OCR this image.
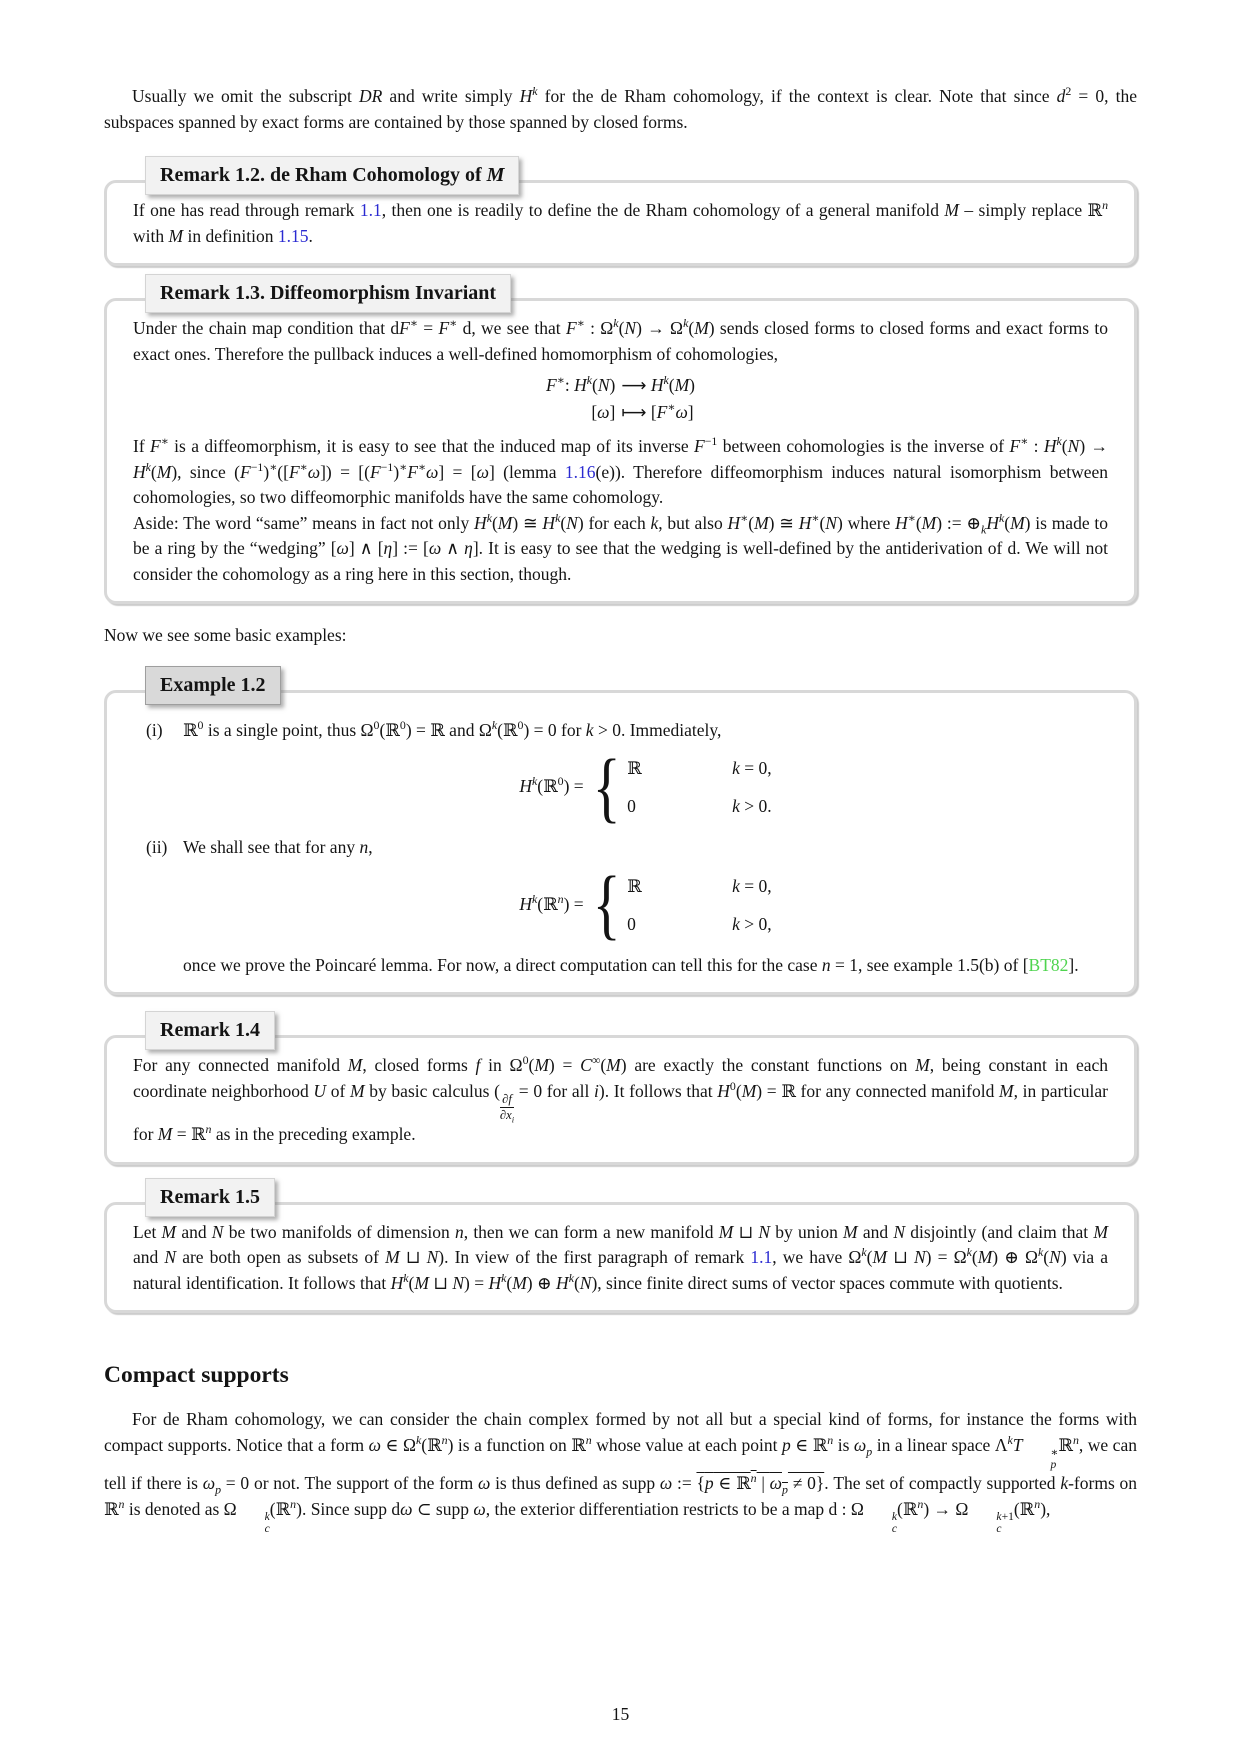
Usually we omit the subscript DR and write simply $H^k$ for the de Rham cohomology, if the context is clear. Note that since $d^2 = 0$, the subspaces spanned by exact forms are contained by those spanned by closed forms.

Remark 1.2. de Rham Cohomology of M

If one has read through remark 1.1, then one is readily to define the de Rham cohomology of a general manifold M – simply replace ℝ$^n$ with M in definition 1.15.

Remark 1.3. Diffeomorphism Invariant

Under the chain map condition that dF∗ = F∗ d, we see that F∗ : $\Omega^k(N) \to \Omega^k(M)$ sends closed forms to closed forms and exact forms to exact ones. Therefore the pullback induces a well-defined homomorphism of cohomologies,

F∗: $H^k(N)$ ⟶ $H^k(M)$
[ω] ⟼ [F∗ω]

If F∗ is a diffeomorphism, it is easy to see that the induced map of its inverse $F^{-1}$ between cohomologies is the inverse of F∗ : $H^k(N) \to H^k(M)$, since $(F^{-1})^∗([F^∗\omega]) = [(F^{-1})^∗F^∗\omega] = [\omega]$ (lemma 1.16(e)). Therefore diffeomorphism induces natural isomorphism between cohomologies, so two diffeomorphic manifolds have the same cohomology.

Aside: The word “same” means in fact not only $H^k(M)$ ≅ $H^k(N)$ for each k, but also H∗(M) ≅ H∗(N) where H∗(M) := $\oplus_kH^k(M)$ is made to be a ring by the “wedging” [ω] ∧ [η] := [ω ∧ η]. It is easy to see that the wedging is well-defined by the antiderivation of d. We will not consider the cohomology as a ring here in this section, though.

Now we see some basic examples:

Example 1.2
(i) ℝ$^0$ is a single point, thus $\Omega^0(ℝ^0)$ = ℝ and $\Omega^k(ℝ^0) = 0$ for k > 0. Immediately,

$H^k(ℝ^0)$ = { ℝ	k = 0,
0	k > 0.
(ii) We shall see that for any n,

$H^k(ℝ^n)$ = { ℝ	k = 0,
0	k > 0,

once we prove the Poincaré lemma. For now, a direct computation can tell this for the case n = 1, see example 1.5(b) of [BT82].

Remark 1.4

For any connected manifold M, closed forms f in $\Omega^0(M) = C^\infty(M)$ are exactly the constant functions on M, being constant in each coordinate neighborhood U of M by basic calculus (
$\frac{\partial f}{\partial x_i}$
= 0 for all i). It follows that $H^0(M)$ = ℝ for any connected manifold M, in particular for M = ℝ$^n$ as in the preceding example.

Remark 1.5

Let M and N be two manifolds of dimension n, then we can form a new manifold M ⊔ N by union M and N disjointly (and claim that M and N are both open as subsets of M ⊔ N). In view of the first paragraph of remark 1.1, we have $\Omega^k(M$ ⊔ $N) = \Omega^k(M)$ ⊕ $\Omega^k(N)$ via a natural identification. It follows that $H^k(M$ ⊔ $N) = H^k(M)$ ⊕ $H^k(N)$, since finite direct sums of vector spaces commute with quotients.

Compact supports

For de Rham cohomology, we can consider the chain complex formed by not all but a special kind of forms, for instance the forms with compact supports. Notice that a form ω ∈ $\Omega^k(ℝ^n)$ is a function on ℝ$^n$ whose value at each point p ∈ ℝ$^n$ is $\omega_p$ in a linear space $\Lambda^kT$	∗
p
ℝ$^n$, we can tell if there is $\omega_p = 0$ or not. The support of the form ω is thus defined as supp ω := {p ∈ ℝ$^n$ | $\omega_p \ne 0$}. The set of compactly supported k-forms on ℝ$^n$ is denoted as Ω	k
c
(ℝ$^n$). Since supp dω ⊂ supp ω, the exterior differentiation restricts to be a map d : Ω	k
c
(ℝ$^n$) → Ω	k+1
c
(ℝ$^n$),

15
